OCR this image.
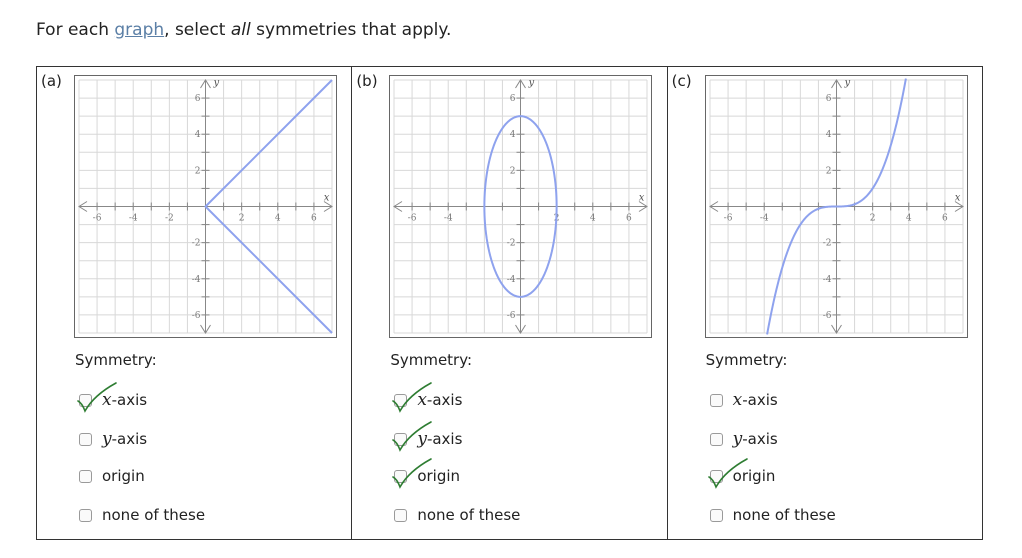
For each graph, select all symmetries that apply.
(a)
-6	-4	-2	2	4	6
6
4
2
-2
-4
-6
x
y
Symmetry:
x-axis
y-axis
origin
none of these
(b)
-6	-4	2	4	6
6
4
2
-2
-4
-6
x
y
Symmetry:
x-axis
y-axis
origin
none of these
(c)
-6	-4	2	4	6
6
4
2
-2
-4
-6
x
y
Symmetry:
x-axis
y-axis
origin
none of these
